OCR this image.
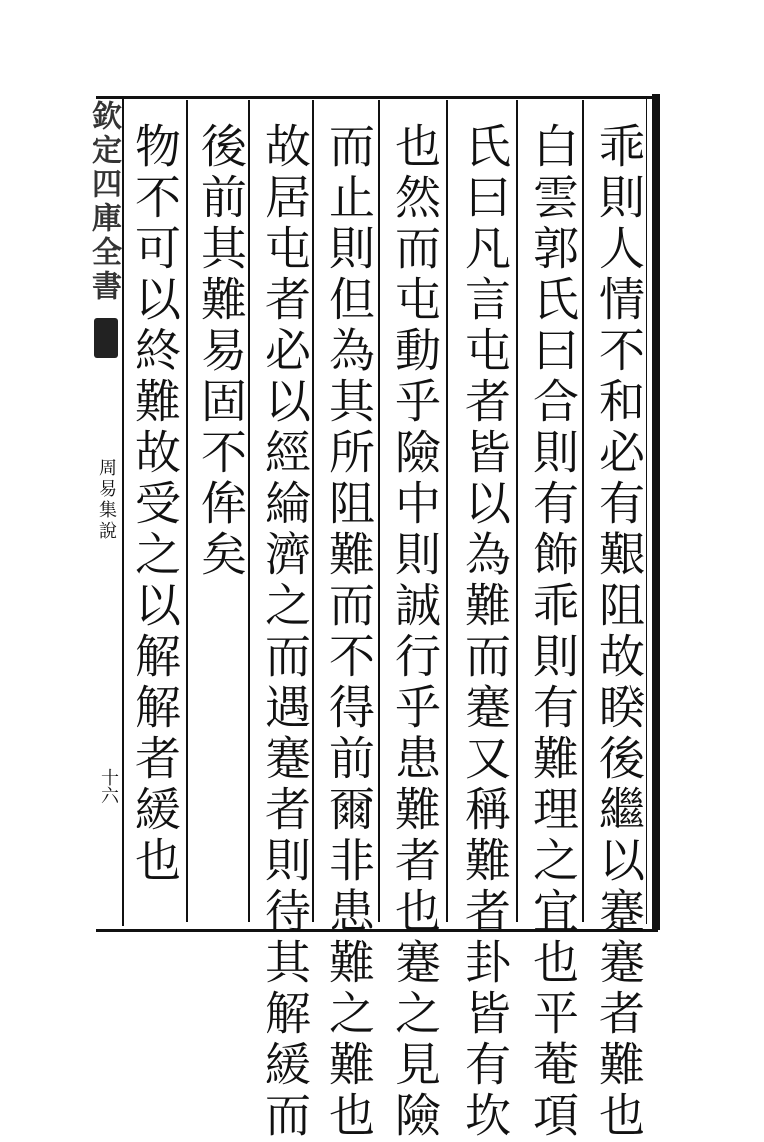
欽定四庫全書
周易集說
十六	乖則人情不和必有艱阻故睽後繼以蹇蹇者難也
白雲郭氏曰合則有飾乖則有難理之宜也平菴項
氏曰凡言屯者皆以為難而蹇又稱難者卦皆有坎
也然而屯動乎險中則誠行乎患難者也蹇之見險
而止則但為其所阻難而不得前爾非患難之難也
故居屯者必以經綸濟之而遇蹇者則待其解緩而
後前其難易固不侔矣
物不可以終難故受之以解解者緩也
